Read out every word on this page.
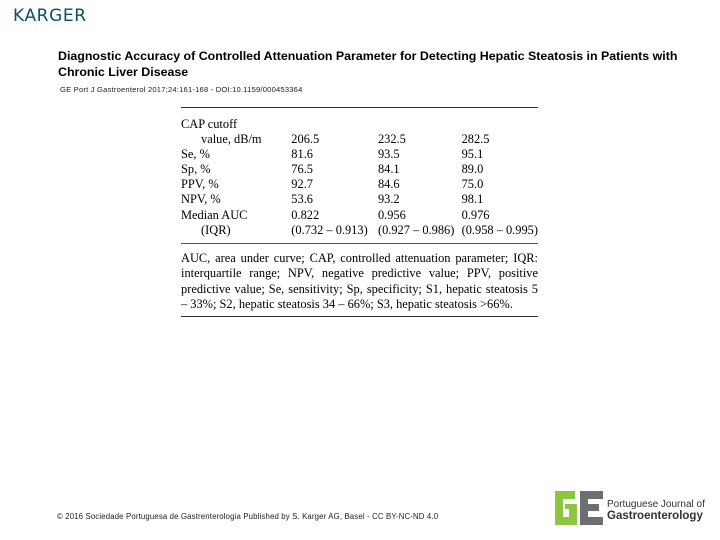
KARGER
Diagnostic Accuracy of Controlled Attenuation Parameter for Detecting Hepatic Steatosis in Patients with Chronic Liver Disease
GE Port J Gastroenterol 2017;24:161-168 - DOI:10.1159/000453364
CAP cutoff			
value, dB/m	206.5	232.5	282.5
Se, %	81.6	93.5	95.1
Sp, %	76.5	84.1	89.0
PPV, %	92.7	84.6	75.0
NPV, %	53.6	93.2	98.1
Median AUC	0.822	0.956	0.976
(IQR)	(0.732 – 0.913)	(0.927 – 0.986)	(0.958 – 0.995)
AUC, area under curve; CAP, controlled attenuation parameter; IQR: interquartile range; NPV, negative predictive value; PPV, positive predictive value; Se, sensitivity; Sp, specificity; S1, hepatic steatosis 5 – 33%; S2, hepatic steatosis 34 – 66%; S3, hepatic steatosis >66%.
© 2016 Sociedade Portuguesa de Gastrenterologia Published by S. Karger AG, Basel - CC BY-NC-ND 4.0
Portuguese Journal of
Gastroenterology
